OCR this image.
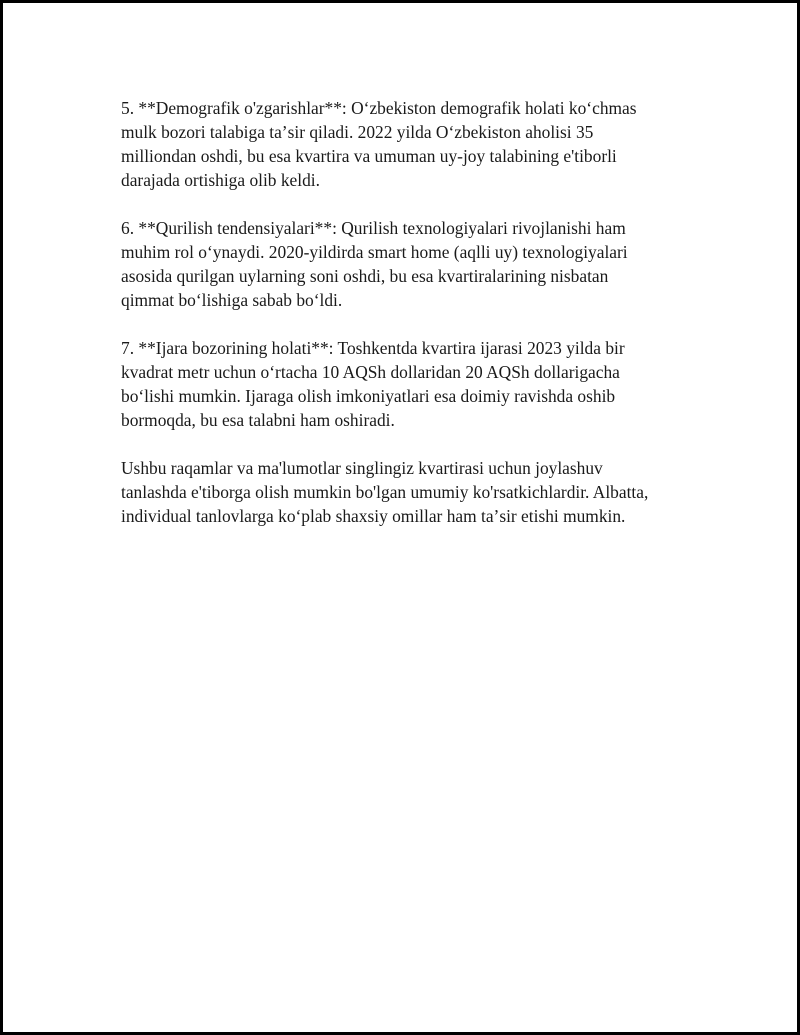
5. **Demografik o'zgarishlar**: Oʻzbekiston demografik holati koʻchmas
mulk bozori talabiga taʼsir qiladi. 2022 yilda Oʻzbekiston aholisi 35
milliondan oshdi, bu esa kvartira va umuman uy-joy talabining e'tiborli
darajada ortishiga olib keldi.

6. **Qurilish tendensiyalari**: Qurilish texnologiyalari rivojlanishi ham
muhim rol oʻynaydi. 2020-yildirda smart home (aqlli uy) texnologiyalari
asosida qurilgan uylarning soni oshdi, bu esa kvartiralarining nisbatan
qimmat boʻlishiga sabab boʻldi.

7. **Ijara bozorining holati**: Toshkentda kvartira ijarasi 2023 yilda bir
kvadrat metr uchun oʻrtacha 10 AQSh dollaridan 20 AQSh dollarigacha
boʻlishi mumkin. Ijaraga olish imkoniyatlari esa doimiy ravishda oshib
bormoqda, bu esa talabni ham oshiradi.

Ushbu raqamlar va ma'lumotlar singlingiz kvartirasi uchun joylashuv
tanlashda e'tiborga olish mumkin bo'lgan umumiy ko'rsatkichlardir. Albatta,
individual tanlovlarga koʻplab shaxsiy omillar ham taʼsir etishi mumkin.
